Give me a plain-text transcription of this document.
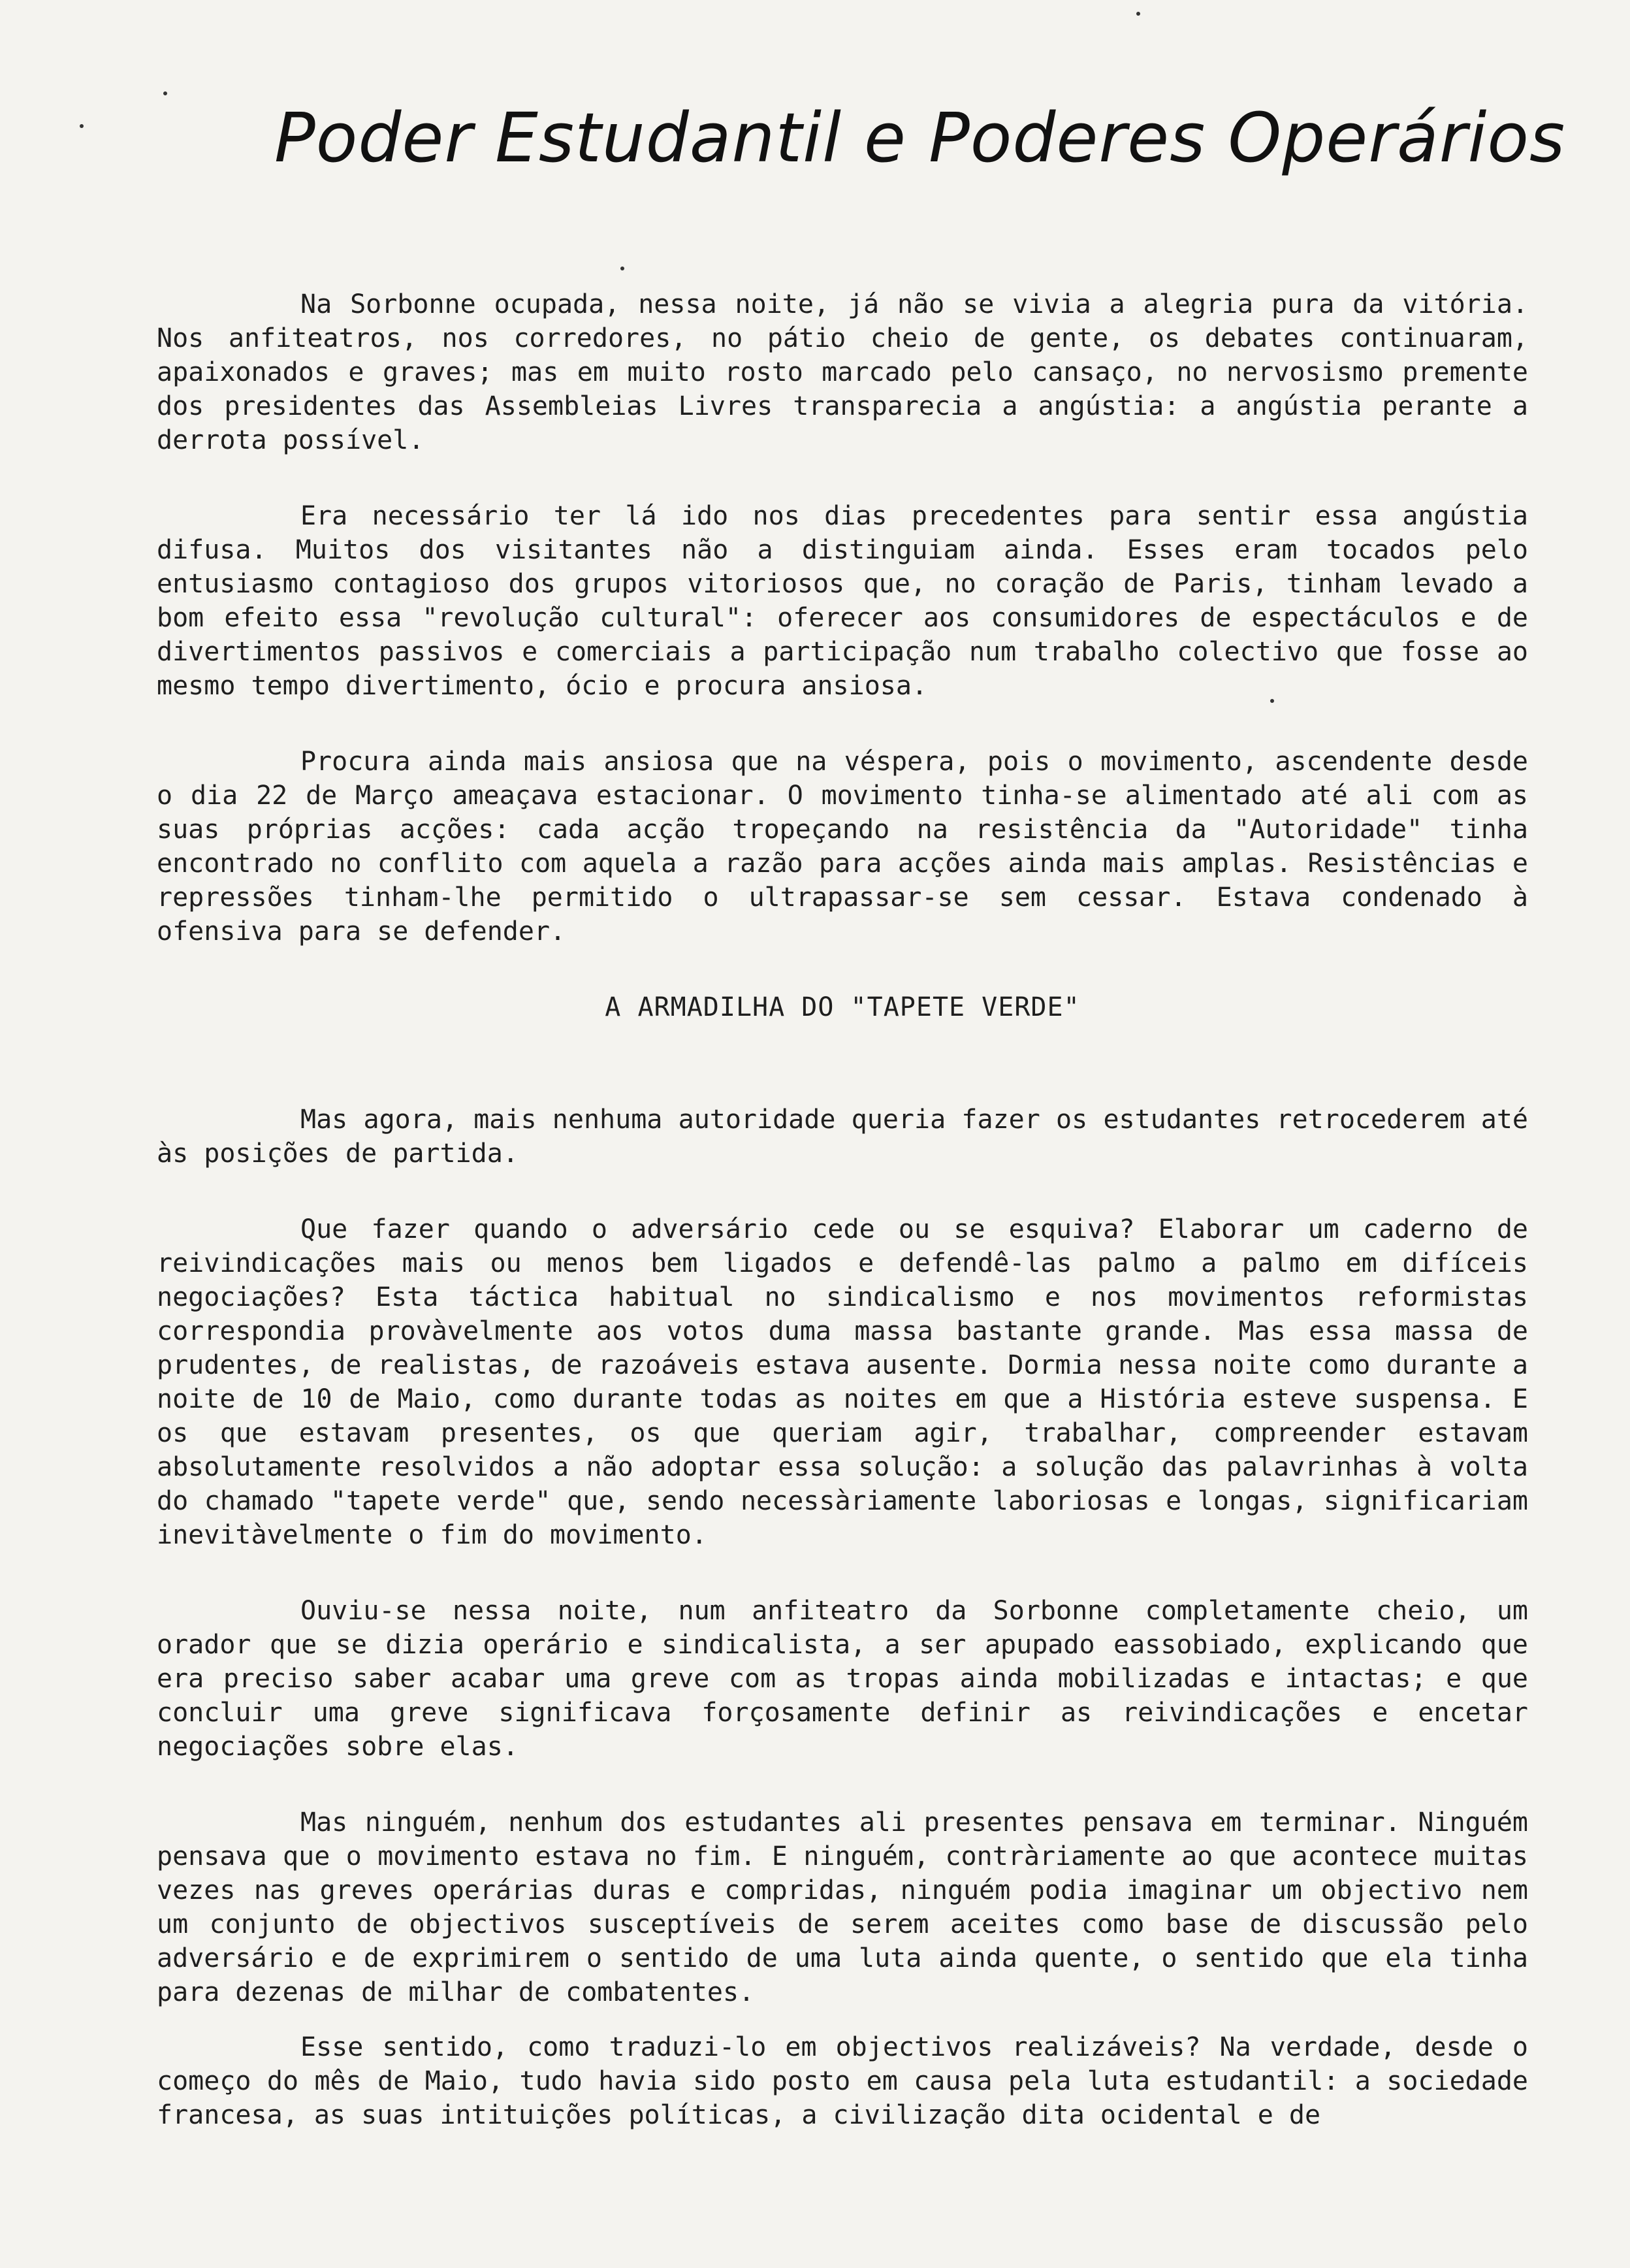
Poder Estudantil e Poderes Operários

Na Sorbonne ocupada, nessa noite, já não se vivia a alegria pura da vitória. Nos anfiteatros, nos corredores, no pátio cheio de gente, os debates continuaram, apaixonados e graves; mas em muito rosto marcado pelo cansaço, no nervosismo premente dos presidentes das Assembleias Livres transparecia a angústia: a angústia perante a derrota possível.

Era necessário ter lá ido nos dias precedentes para sentir essa angústia difusa. Muitos dos visitantes não a distinguiam ainda. Esses eram tocados pelo entusiasmo contagioso dos grupos vitoriosos que, no coração de Paris, tinham levado a bom efeito essa "revolução cultural": oferecer aos consumidores de espectáculos e de divertimentos passivos e comerciais a participação num trabalho colectivo que fosse ao mesmo tempo divertimento, ócio e procura ansiosa.

Procura ainda mais ansiosa que na véspera, pois o movimento, ascendente desde o dia 22 de Março ameaçava estacionar. O movimento tinha-se alimentado até ali com as suas próprias acções: cada acção tropeçando na resistência da "Autoridade" tinha encontrado no conflito com aquela a razão para acções ainda mais amplas. Resistências e repressões tinham-lhe permitido o ultrapassar-se sem cessar. Estava condenado à ofensiva para se defender.

A ARMADILHA DO "TAPETE VERDE"

Mas agora, mais nenhuma autoridade queria fazer os estudantes retrocederem até às posições de partida.

Que fazer quando o adversário cede ou se esquiva? Elaborar um caderno de reivindicações mais ou menos bem ligados e defendê-las palmo a palmo em difíceis negociações? Esta táctica habitual no sindicalismo e nos movimentos reformistas correspondia provàvelmente aos votos duma massa bastante grande. Mas essa massa de prudentes, de realistas, de razoáveis estava ausente. Dormia nessa noite como durante a noite de 10 de Maio, como durante todas as noites em que a História esteve suspensa. E os que estavam presentes, os que queriam agir, trabalhar, compreender estavam absolutamente resolvidos a não adoptar essa solução: a solução das palavrinhas à volta do chamado "tapete verde" que, sendo necessàriamente laboriosas e longas, significariam inevitàvelmente o fim do movimento.

Ouviu-se nessa noite, num anfiteatro da Sorbonne completamente cheio, um orador que se dizia operário e sindicalista, a ser apupado eassobiado, explicando que era preciso saber acabar uma greve com as tropas ainda mobilizadas e intactas; e que concluir uma greve significava forçosamente definir as reivindicações e encetar negociações sobre elas.

Mas ninguém, nenhum dos estudantes ali presentes pensava em terminar. Ninguém pensava que o movimento estava no fim. E ninguém, contràriamente ao que acontece muitas vezes nas greves operárias duras e compridas, ninguém podia imaginar um objectivo nem um conjunto de objectivos susceptíveis de serem aceites como base de discussão pelo adversário e de exprimirem o sentido de uma luta ainda quente, o sentido que ela tinha para dezenas de milhar de combatentes.

Esse sentido, como traduzi-lo em objectivos realizáveis? Na verdade, desde o começo do mês de Maio, tudo havia sido posto em causa pela luta estudantil: a sociedade francesa, as suas intituições políticas, a civilização dita ocidental e de
